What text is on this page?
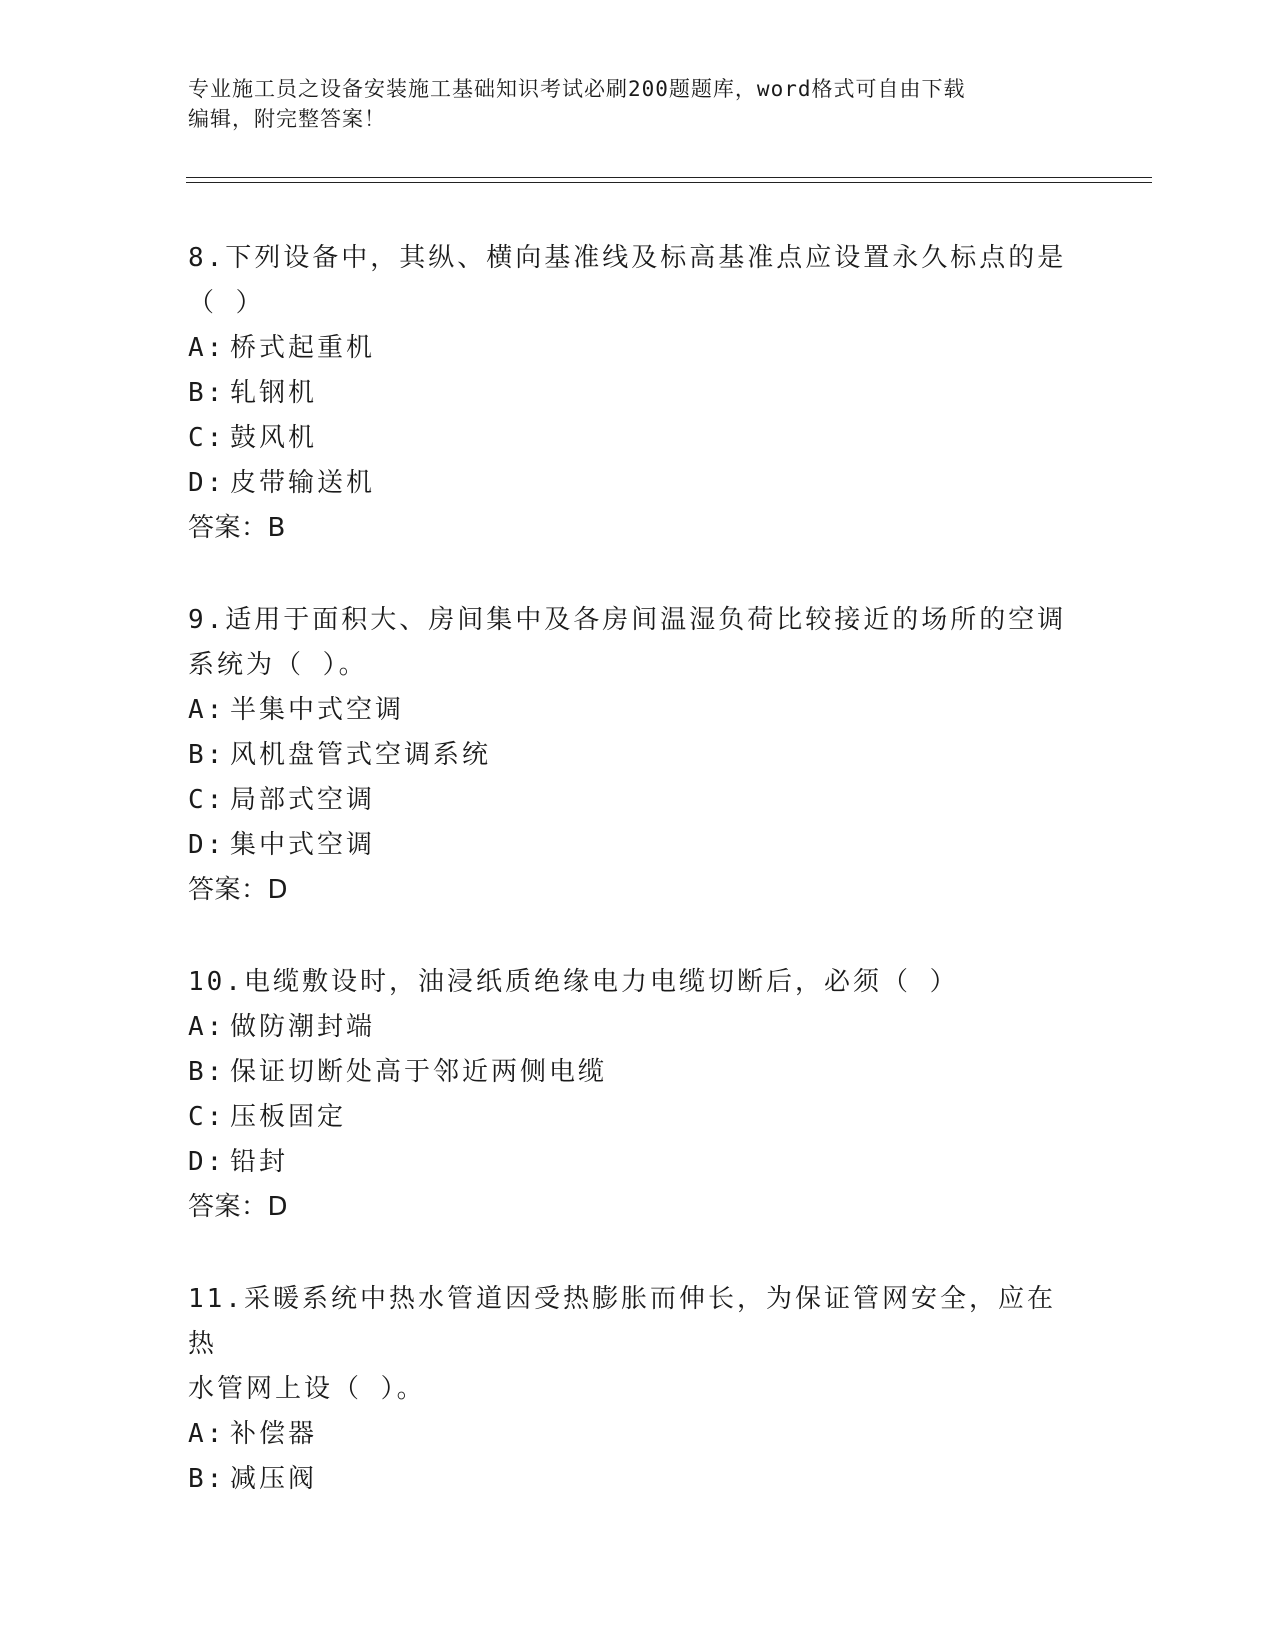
专业施工员之设备安装施工基础知识考试必刷200题题库，word格式可自由下载
编辑，附完整答案！
8.下列设备中，其纵、横向基准线及标高基准点应设置永久标点的是
（ ）
A: 桥式起重机
B: 轧钢机
C: 鼓风机
D: 皮带输送机
答案：B
9.适用于面积大、房间集中及各房间温湿负荷比较接近的场所的空调
系统为（ ）。
A: 半集中式空调
B: 风机盘管式空调系统
C: 局部式空调
D: 集中式空调
答案：D
10.电缆敷设时，油浸纸质绝缘电力电缆切断后，必须（ ）
A: 做防潮封端
B: 保证切断处高于邻近两侧电缆
C: 压板固定
D: 铅封
答案：D
11.采暖系统中热水管道因受热膨胀而伸长，为保证管网安全，应在热
水管网上设（ ）。
A: 补偿器
B: 减压阀
